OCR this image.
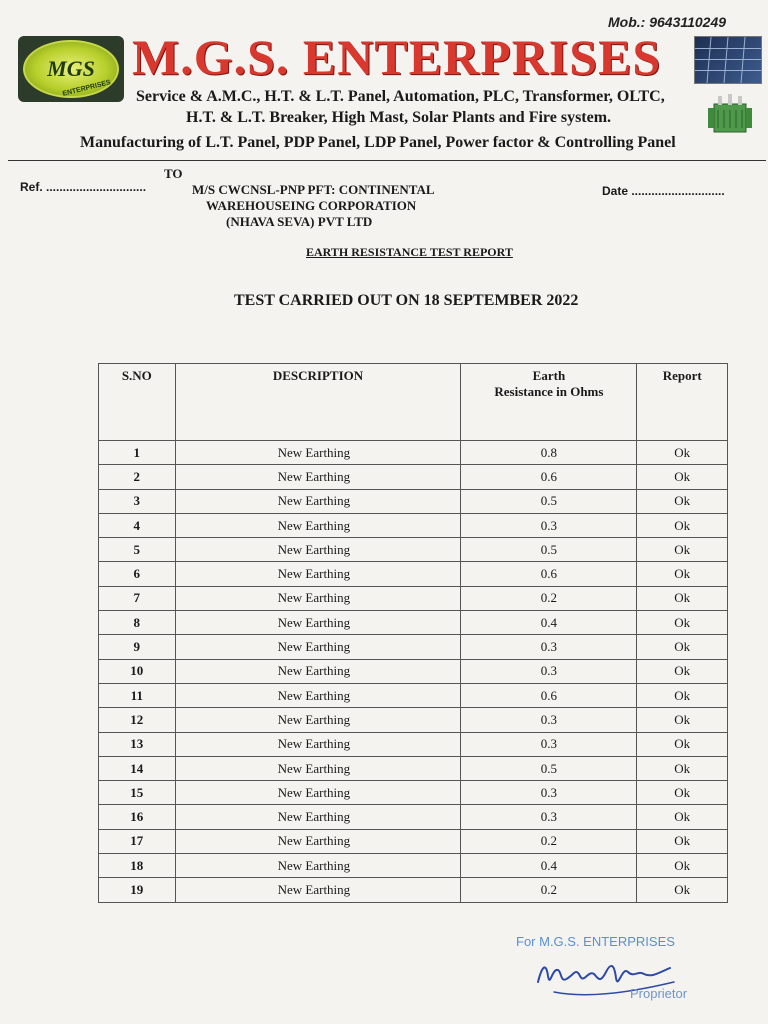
Mob.: 9643110249
MGS
ENTERPRISES
M.G.S. ENTERPRISES
Service & A.M.C., H.T. & L.T. Panel, Automation, PLC, Transformer, OLTC,
H.T. & L.T. Breaker, High Mast, Solar Plants and Fire system.
Manufacturing of L.T. Panel, PDP Panel, LDP Panel, Power factor & Controlling Panel
TO
Ref. ..............................	Date ............................
M/S CWCNSL-PNP PFT: CONTINENTAL
WAREHOUSEING CORPORATION
(NHAVA SEVA) PVT LTD
EARTH RESISTANCE TEST REPORT
TEST CARRIED OUT ON 18 SEPTEMBER 2022
S.NO	DESCRIPTION	Earth
Resistance in Ohms	Report
1	New Earthing	0.8	Ok
2	New Earthing	0.6	Ok
3	New Earthing	0.5	Ok
4	New Earthing	0.3	Ok
5	New Earthing	0.5	Ok
6	New Earthing	0.6	Ok
7	New Earthing	0.2	Ok
8	New Earthing	0.4	Ok
9	New Earthing	0.3	Ok
10	New Earthing	0.3	Ok
11	New Earthing	0.6	Ok
12	New Earthing	0.3	Ok
13	New Earthing	0.3	Ok
14	New Earthing	0.5	Ok
15	New Earthing	0.3	Ok
16	New Earthing	0.3	Ok
17	New Earthing	0.2	Ok
18	New Earthing	0.4	Ok
19	New Earthing	0.2	Ok
For M.G.S. ENTERPRISES
Proprietor
